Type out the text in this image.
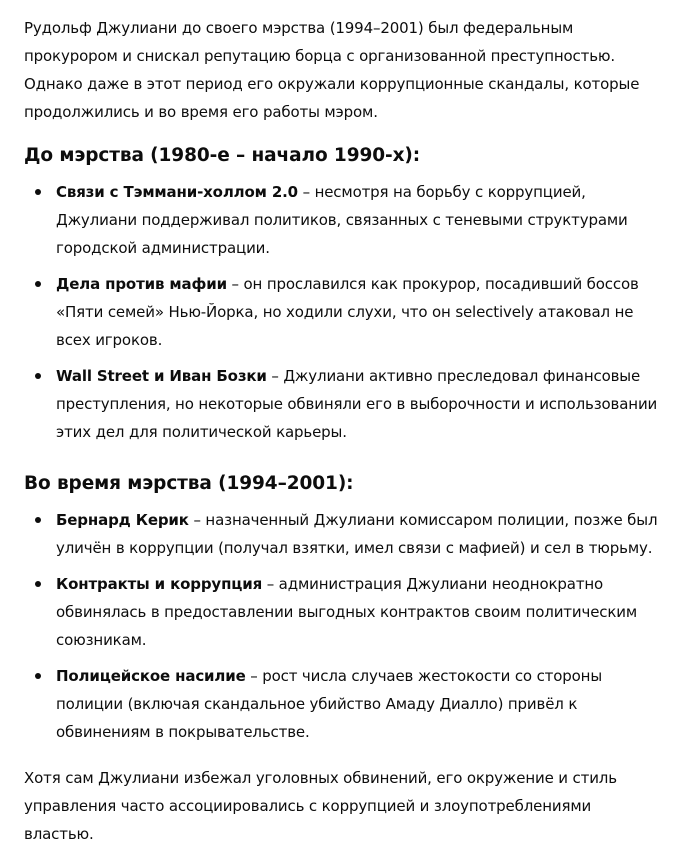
Рудольф Джулиани до своего мэрства (1994–2001) был федеральным прокурором и снискал репутацию борца с организованной преступностью. Однако даже в этот период его окружали коррупционные скандалы, которые продолжились и во время его работы мэром.

До мэрства (1980-е – начало 1990-х):
Связи с Тэммани-холлом 2.0 – несмотря на борьбу с коррупцией, Джулиани поддерживал политиков, связанных с теневыми структурами городской администрации.
Дела против мафии – он прославился как прокурор, посадивший боссов «Пяти семей» Нью-Йорка, но ходили слухи, что он selectively атаковал не всех игроков.
Wall Street и Иван Бозки – Джулиани активно преследовал финансовые преступления, но некоторые обвиняли его в выборочности и использовании этих дел для политической карьеры.
Во время мэрства (1994–2001):
Бернард Керик – назначенный Джулиани комиссаром полиции, позже был уличён в коррупции (получал взятки, имел связи с мафией) и сел в тюрьму.
Контракты и коррупция – администрация Джулиани неоднократно обвинялась в предоставлении выгодных контрактов своим политическим союзникам.
Полицейское насилие – рост числа случаев жестокости со стороны полиции (включая скандальное убийство Амаду Диалло) привёл к обвинениям в покрывательстве.

Хотя сам Джулиани избежал уголовных обвинений, его окружение и стиль управления часто ассоциировались с коррупцией и злоупотреблениями властью.
